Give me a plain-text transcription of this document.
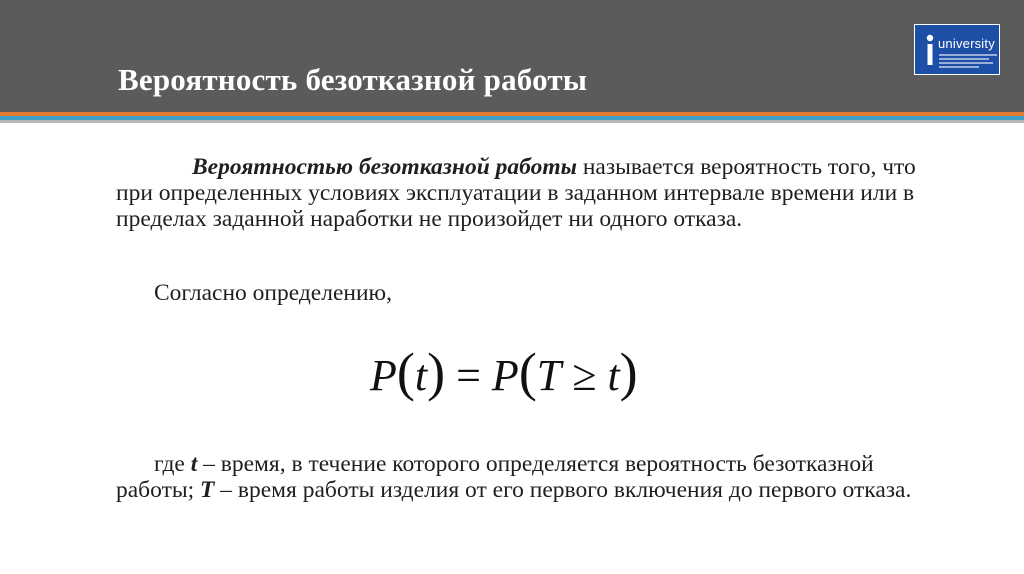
Вероятность безотказной работы
university
Вероятностью безотказной работы называется вероятность того, что при определенных условиях эксплуатации в заданном интервале времени или в пределах заданной наработки не произойдет ни одного отказа.
Согласно определению,
P(t) = P(T ≥ t)
где t – время, в течение которого определяется вероятность безотказной работы; T – время работы изделия от его первого включения до первого отказа.
